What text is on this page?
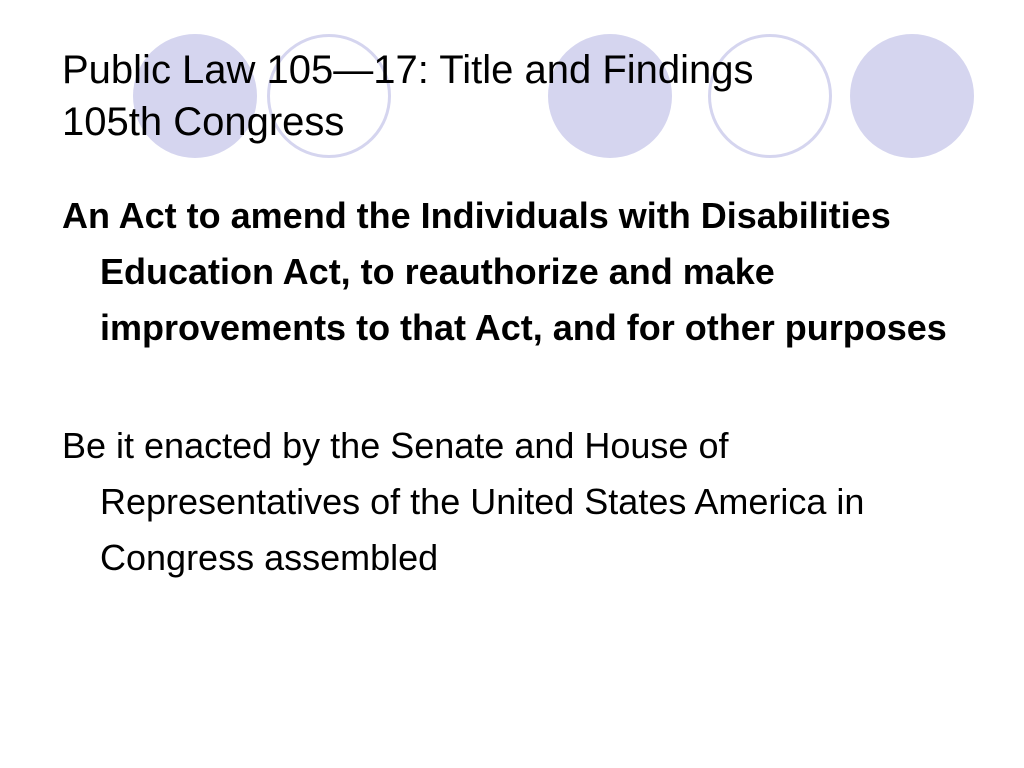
Public Law 105—17: Title and Findings
105th Congress

An Act to amend the Individuals with Disabilities Education Act, to reauthorize and make improvements to that Act, and for other purposes

Be it enacted by the Senate and House of Representatives of the United States America in Congress assembled
